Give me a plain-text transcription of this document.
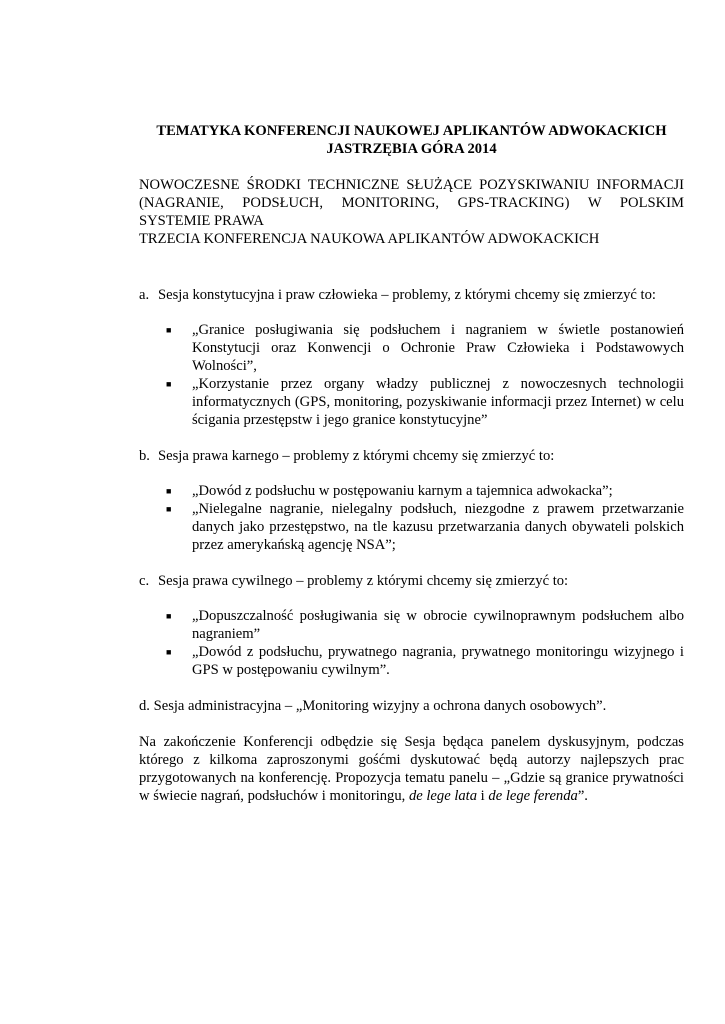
TEMATYKA KONFERENCJI NAUKOWEJ APLIKANTÓW ADWOKACKICH

JASTRZĘBIA GÓRA 2014

NOWOCZESNE ŚRODKI TECHNICZNE SŁUŻĄCE POZYSKIWANIU INFORMACJI (NAGRANIE, PODSŁUCH, MONITORING, GPS-TRACKING) W POLSKIM SYSTEMIE PRAWA

TRZECIA KONFERENCJA NAUKOWA APLIKANTÓW ADWOKACKICH

a. Sesja konstytucyjna i praw człowieka – problemy, z którymi chcemy się zmierzyć to:

■ „Granice posługiwania się podsłuchem i nagraniem w świetle postanowień Konstytucji oraz Konwencji o Ochronie Praw Człowieka i Podstawowych Wolności”,
■ „Korzystanie przez organy władzy publicznej z nowoczesnych technologii informatycznych (GPS, monitoring, pozyskiwanie informacji przez Internet) w celu ścigania przestępstw i jego granice konstytucyjne”

b. Sesja prawa karnego – problemy z którymi chcemy się zmierzyć to:

■ „Dowód z podsłuchu w postępowaniu karnym a tajemnica adwokacka”;
■ „Nielegalne nagranie, nielegalny podsłuch, niezgodne z prawem przetwarzanie danych jako przestępstwo, na tle kazusu przetwarzania danych obywateli polskich przez amerykańską agencję NSA”;

c. Sesja prawa cywilnego – problemy z którymi chcemy się zmierzyć to:

■ „Dopuszczalność posługiwania się w obrocie cywilnoprawnym podsłuchem albo nagraniem”
■ „Dowód z podsłuchu, prywatnego nagrania, prywatnego monitoringu wizyjnego i GPS w postępowaniu cywilnym”.

d. Sesja administracyjna – „Monitoring wizyjny a ochrona danych osobowych”.

Na zakończenie Konferencji odbędzie się Sesja będąca panelem dyskusyjnym, podczas którego z kilkoma zaproszonymi gośćmi dyskutować będą autorzy najlepszych prac przygotowanych na konferencję. Propozycja tematu panelu – „Gdzie są granice prywatności w świecie nagrań, podsłuchów i monitoringu, de lege lata i de lege ferenda”.
